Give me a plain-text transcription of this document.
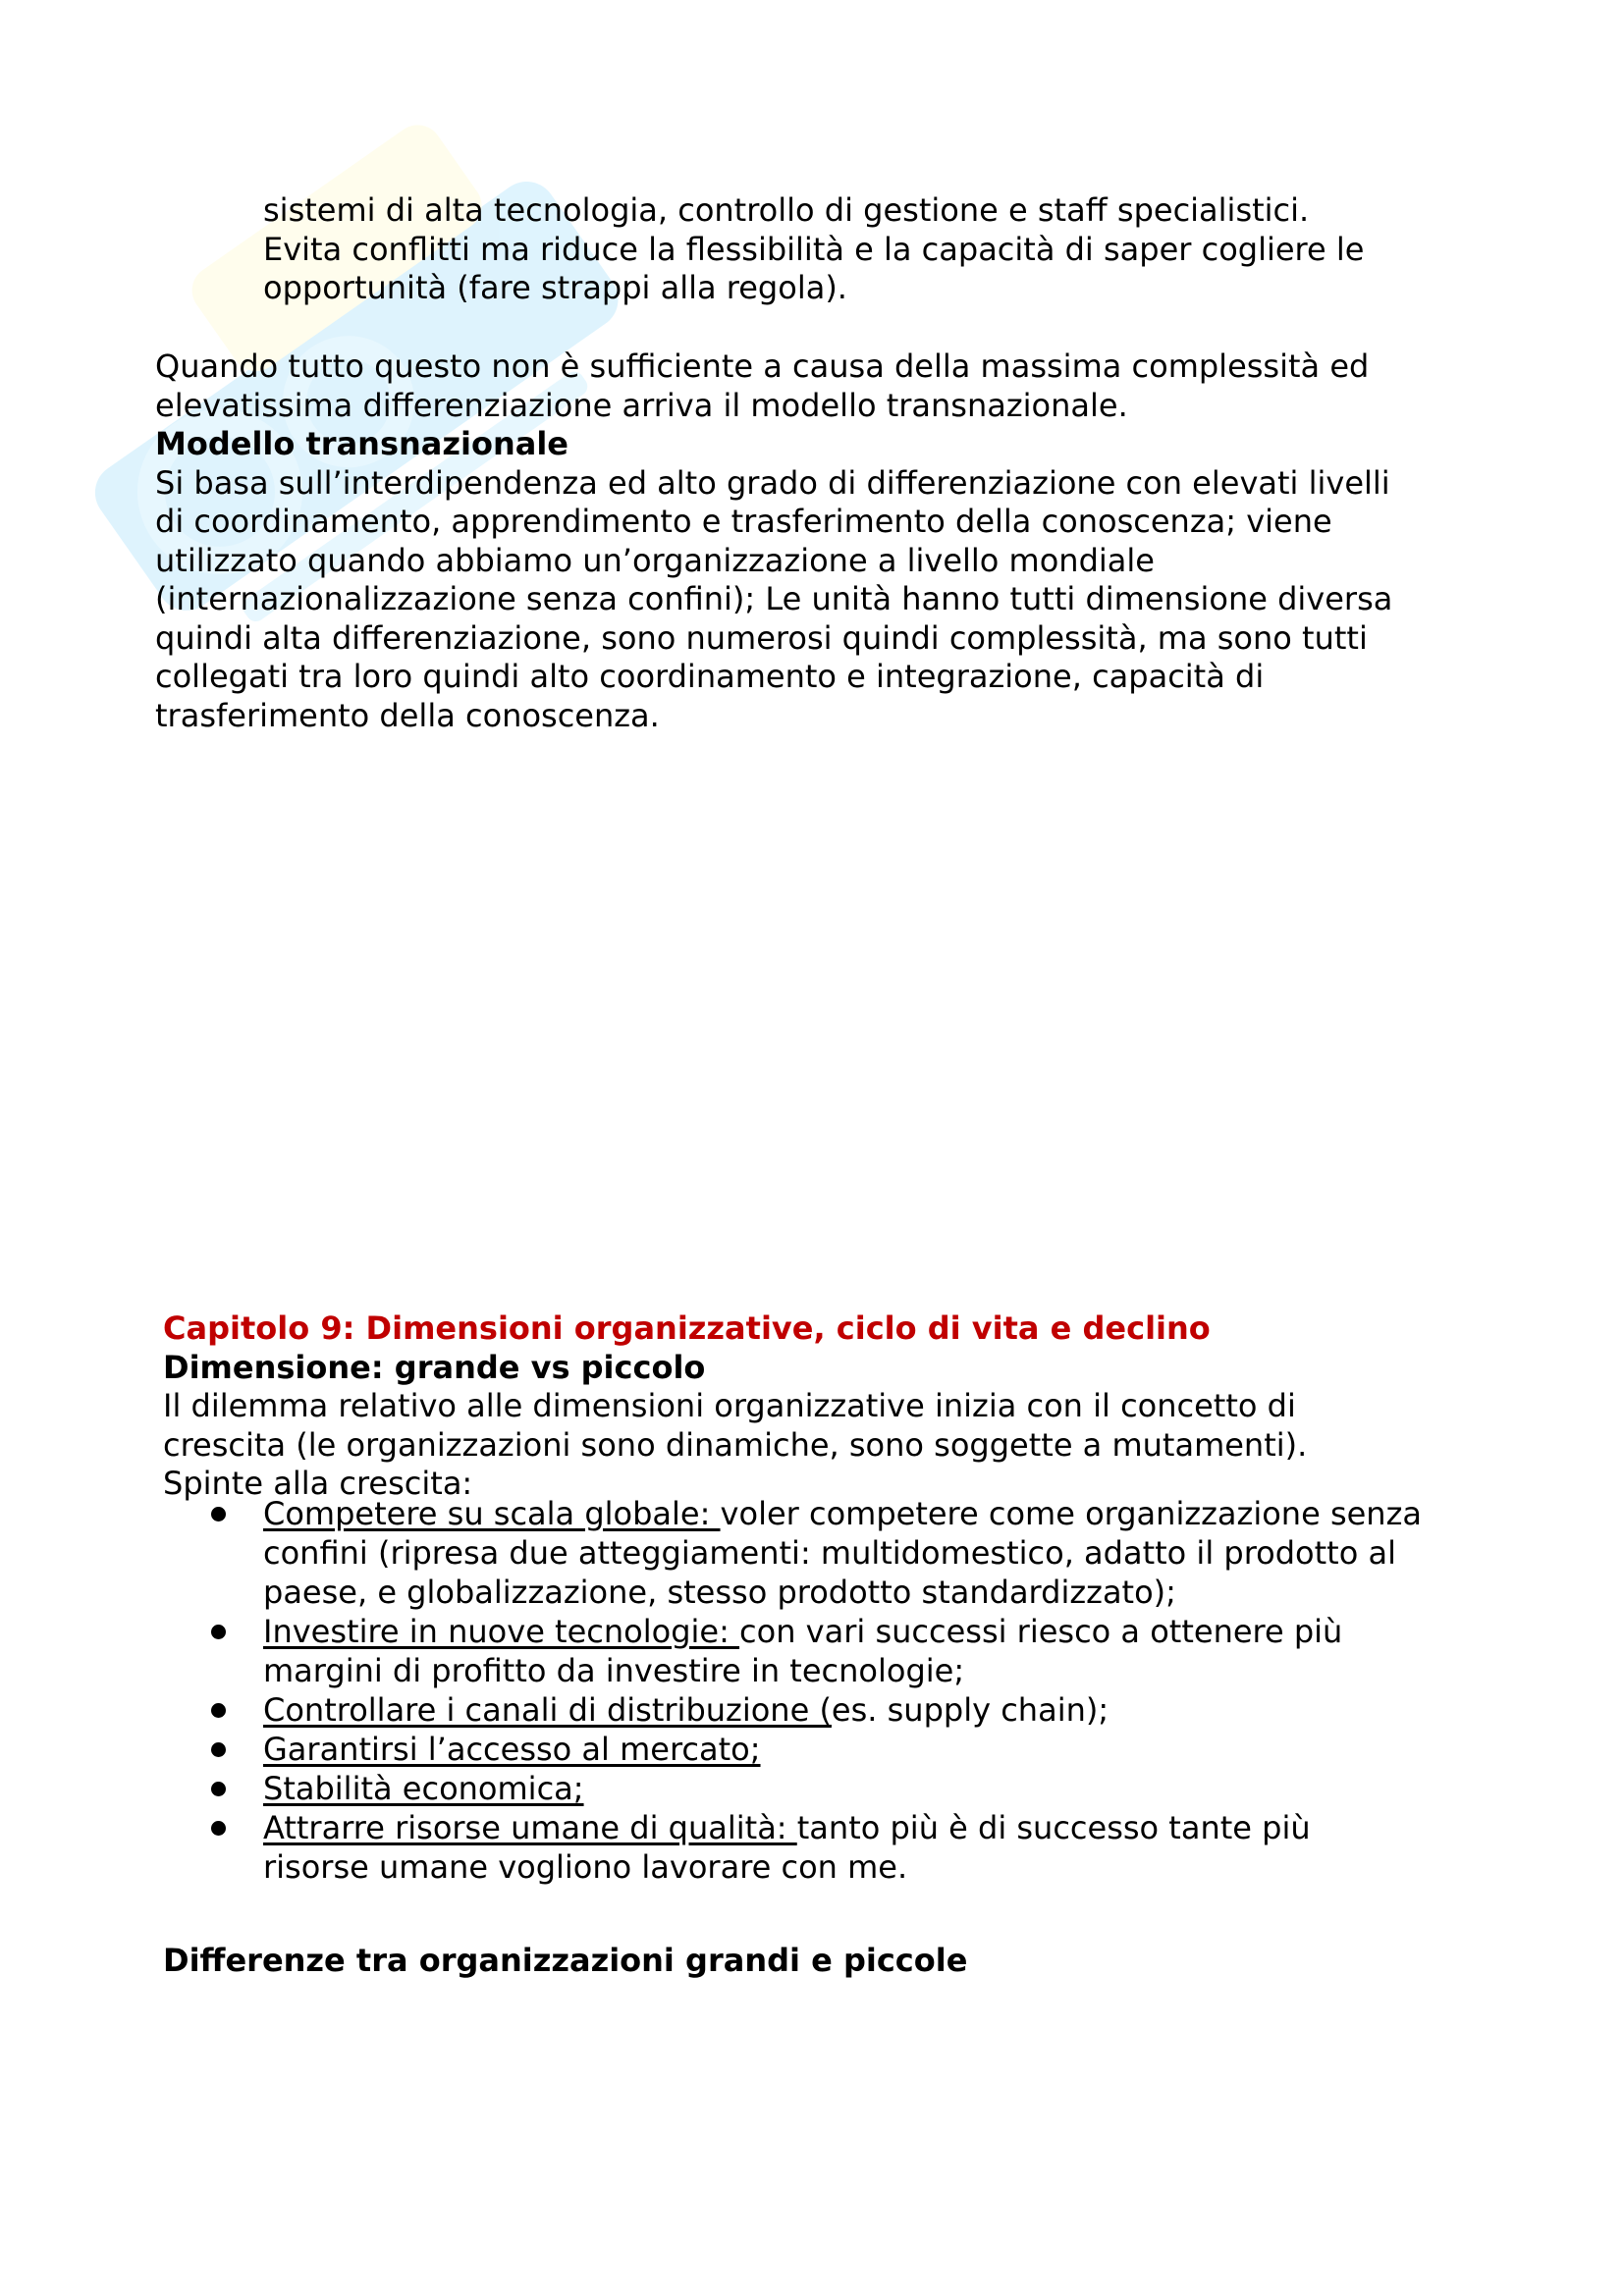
sistemi di alta tecnologia, controllo di gestione e staff specialistici.
Evita conflitti ma riduce la flessibilità e la capacità di saper cogliere le
opportunità (fare strappi alla regola).
Quando tutto questo non è sufficiente a causa della massima complessità ed
elevatissima differenziazione arriva il modello transnazionale.
Modello transnazionale
Si basa sull’interdipendenza ed alto grado di differenziazione con elevati livelli
di coordinamento, apprendimento e trasferimento della conoscenza; viene
utilizzato quando abbiamo un’organizzazione a livello mondiale
(internazionalizzazione senza confini); Le unità hanno tutti dimensione diversa
quindi alta differenziazione, sono numerosi quindi complessità, ma sono tutti
collegati tra loro quindi alto coordinamento e integrazione, capacità di
trasferimento della conoscenza.
Capitolo 9: Dimensioni organizzative, ciclo di vita e declino
Dimensione: grande vs piccolo
Il dilemma relativo alle dimensioni organizzative inizia con il concetto di
crescita (le organizzazioni sono dinamiche, sono soggette a mutamenti).
Spinte alla crescita:
Competere su scala globale: voler competere come organizzazione senza
confini (ripresa due atteggiamenti: multidomestico, adatto il prodotto al
paese, e globalizzazione, stesso prodotto standardizzato);
Investire in nuove tecnologie: con vari successi riesco a ottenere più
margini di profitto da investire in tecnologie;
Controllare i canali di distribuzione (es. supply chain);
Garantirsi l’accesso al mercato;
Stabilità economica;
Attrarre risorse umane di qualità: tanto più è di successo tante più
risorse umane vogliono lavorare con me.
Differenze tra organizzazioni grandi e piccole
